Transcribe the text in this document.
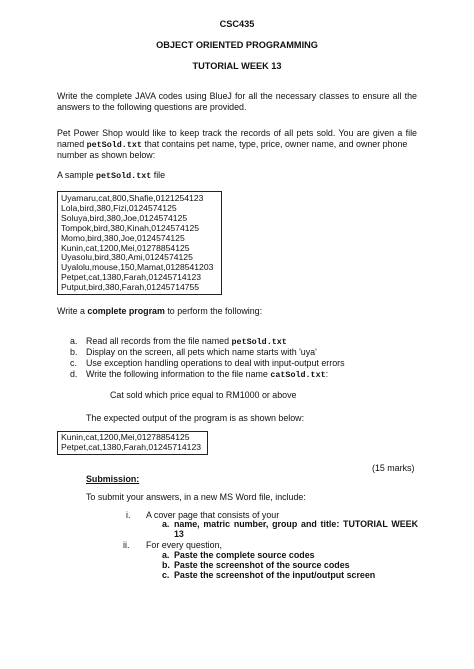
CSC435
OBJECT ORIENTED PROGRAMMING
TUTORIAL WEEK 13
Write the complete JAVA codes using BlueJ for all the necessary classes to ensure all the
answers to the following questions are provided.
Pet Power Shop would like to keep track the records of all pets sold. You are given a file
named petSold.txt that contains pet name, type, price, owner name, and owner phone
number as shown below:
A sample petSold.txt file
Uyamaru,cat,800,Shafie,0121254123
Lola,bird,380,Fizi,0124574125
Soluya,bird,380,Joe,0124574125
Tompok,bird,380,Kinah,0124574125
Momo,bird,380,Joe,0124574125
Kunin,cat,1200,Mei,01278854125
Uyasolu,bird,380,Ami,0124574125
Uyalolu,mouse,150,Mamat,0128541203
Petpet,cat,1380,Farah,01245714123
Putput,bird,380,Farah,01245714755
Write a complete program to perform the following:
a. Read all records from the file named petSold.txt
b. Display on the screen, all pets which name starts with 'uya'
c. Use exception handling operations to deal with input-output errors
d. Write the following information to the file name catSold.txt:
Cat sold which price equal to RM1000 or above
The expected output of the program is as shown below:
Kunin,cat,1200,Mei,01278854125
Petpet,cat,1380,Farah,01245714123
(15 marks)
Submission:
To submit your answers, in a new MS Word file, include:
i. A cover page that consists of your
a. name, matric number, group and title: TUTORIAL WEEK
13
ii. For every question,
a. Paste the complete source codes
b. Paste the screenshot of the source codes
c. Paste the screenshot of the input/output screen
